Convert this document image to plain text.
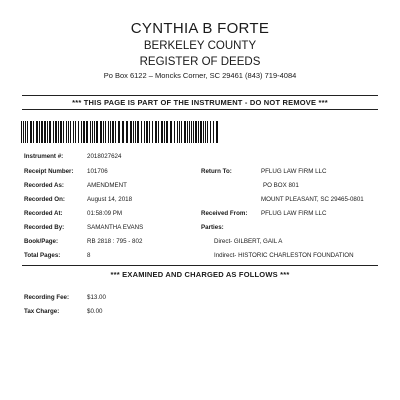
CYNTHIA B FORTE
BERKELEY COUNTY
REGISTER OF DEEDS
Po Box 6122 – Moncks Corner, SC 29461 (843) 719-4084
*** THIS PAGE IS PART OF THE INSTRUMENT - DO NOT REMOVE ***
Instrument #:	2018027624
Receipt Number: 101706
Recorded As:	AMENDMENT
Recorded On:	August 14, 2018
Recorded At:	01:58:09 PM
Recorded By:	SAMANTHA EVANS
Book/Page:	RB 2818 : 795 - 802
Total Pages:	8
Return To:	PFLUG LAW FIRM LLC
PO BOX 801
MOUNT PLEASANT, SC 29465-0801
Received From: PFLUG LAW FIRM LLC
Parties:
Direct- GILBERT, GAIL A
Indirect- HISTORIC CHARLESTON FOUNDATION
*** EXAMINED AND CHARGED AS FOLLOWS ***
Recording Fee:	$13.00
Tax Charge:	$0.00
